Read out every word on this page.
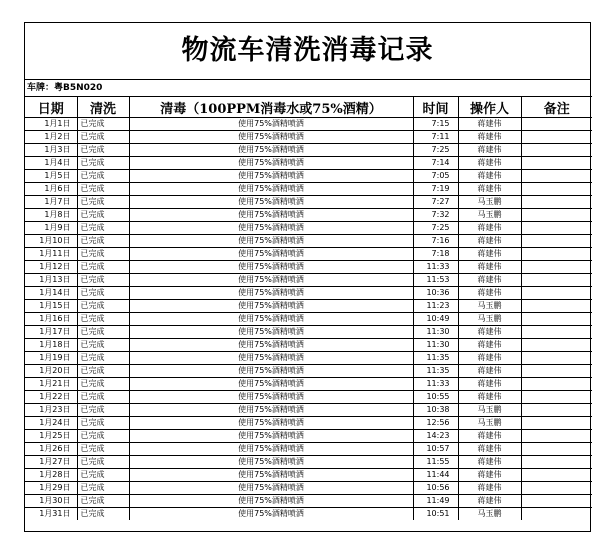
物流车清洗消毒记录
车牌：粤B5N020
日期	清洗	清毒（100PPM消毒水或75%酒精）	时间	操作人	备注
1月1日	已完成	使用75%酒精喷洒	7:15	蒋建伟	
1月2日	已完成	使用75%酒精喷洒	7:11	蒋建伟	
1月3日	已完成	使用75%酒精喷洒	7:25	蒋建伟	
1月4日	已完成	使用75%酒精喷洒	7:14	蒋建伟	
1月5日	已完成	使用75%酒精喷洒	7:05	蒋建伟	
1月6日	已完成	使用75%酒精喷洒	7:19	蒋建伟	
1月7日	已完成	使用75%酒精喷洒	7:27	马玉鹏	
1月8日	已完成	使用75%酒精喷洒	7:32	马玉鹏	
1月9日	已完成	使用75%酒精喷洒	7:25	蒋建伟	
1月10日	已完成	使用75%酒精喷洒	7:16	蒋建伟	
1月11日	已完成	使用75%酒精喷洒	7:18	蒋建伟	
1月12日	已完成	使用75%酒精喷洒	11:33	蒋建伟	
1月13日	已完成	使用75%酒精喷洒	11:53	蒋建伟	
1月14日	已完成	使用75%酒精喷洒	10:36	蒋建伟	
1月15日	已完成	使用75%酒精喷洒	11:23	马玉鹏	
1月16日	已完成	使用75%酒精喷洒	10:49	马玉鹏	
1月17日	已完成	使用75%酒精喷洒	11:30	蒋建伟	
1月18日	已完成	使用75%酒精喷洒	11:30	蒋建伟	
1月19日	已完成	使用75%酒精喷洒	11:35	蒋建伟	
1月20日	已完成	使用75%酒精喷洒	11:35	蒋建伟	
1月21日	已完成	使用75%酒精喷洒	11:33	蒋建伟	
1月22日	已完成	使用75%酒精喷洒	10:55	蒋建伟	
1月23日	已完成	使用75%酒精喷洒	10:38	马玉鹏	
1月24日	已完成	使用75%酒精喷洒	12:56	马玉鹏	
1月25日	已完成	使用75%酒精喷洒	14:23	蒋建伟	
1月26日	已完成	使用75%酒精喷洒	10:57	蒋建伟	
1月27日	已完成	使用75%酒精喷洒	11:55	蒋建伟	
1月28日	已完成	使用75%酒精喷洒	11:44	蒋建伟	
1月29日	已完成	使用75%酒精喷洒	10:56	蒋建伟	
1月30日	已完成	使用75%酒精喷洒	11:49	蒋建伟	
1月31日	已完成	使用75%酒精喷洒	10:51	马玉鹏	
